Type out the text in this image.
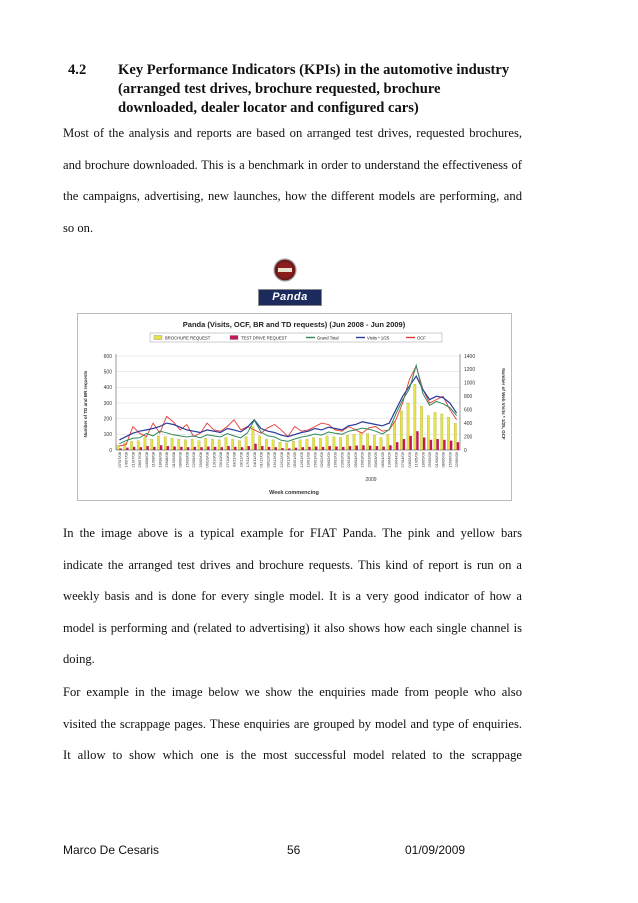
4.2 Key Performance Indicators (KPIs) in the automotive industry
(arranged test drives, brochure requested, brochure
downloaded, dealer locator and configured cars)
Most of the analysis and reports are based on arranged test drives, requested brochures,
and brochure downloaded. This is a benchmark in order to understand the effectiveness of
the campaigns, advertising, new launches, how the different models are performing, and
so on.
Panda
Panda (Visits, OCF, BR and TD requests) (Jun 2008 - Jun 2009)
BROCHURE REQUEST	TEST DRIVE REQUEST	Grand Total	Visits * 1/25	OCF
600
500
400
300
200
100
0
1400
1200
1000
800
600
400
200
0
07/07/08 14/07/08 21/07/08 28/07/08 04/08/08 11/08/08 18/08/08 25/08/08 01/09/08 08/09/08 15/09/08 22/09/08 29/09/08 06/10/08 13/10/08 20/10/08 27/10/08 03/11/08 10/11/08 17/11/08 24/11/08 01/12/08 08/12/08 15/12/08 22/12/08 29/12/08 05/01/09 12/01/09 19/01/09 26/01/09 02/02/09 09/02/09 16/02/09 23/02/09 02/03/09 09/03/09 16/03/09 23/03/09 30/03/09 06/04/09 13/04/09 20/04/09 27/04/09 04/05/09 11/05/09 18/05/09 25/05/09 01/06/09 08/06/09 15/06/09 22/06/09
Number of TD and BR requests	Number of Web Visits * 1/25, OCF
Week commencing
2009
In the image above is a typical example for FIAT Panda. The pink and yellow bars
indicate the arranged test drives and brochure requests. This kind of report is run on a
weekly basis and is done for every single model. It is a very good indicator of how a
model is performing and (related to advertising) it also shows how each single channel is
doing.
For example in the image below we show the enquiries made from people who also
visited the scrappage pages. These enquiries are grouped by model and type of enquiries.
It allow to show which one is the most successful model related to the scrappage
Marco De Cesaris	56	01/09/2009
